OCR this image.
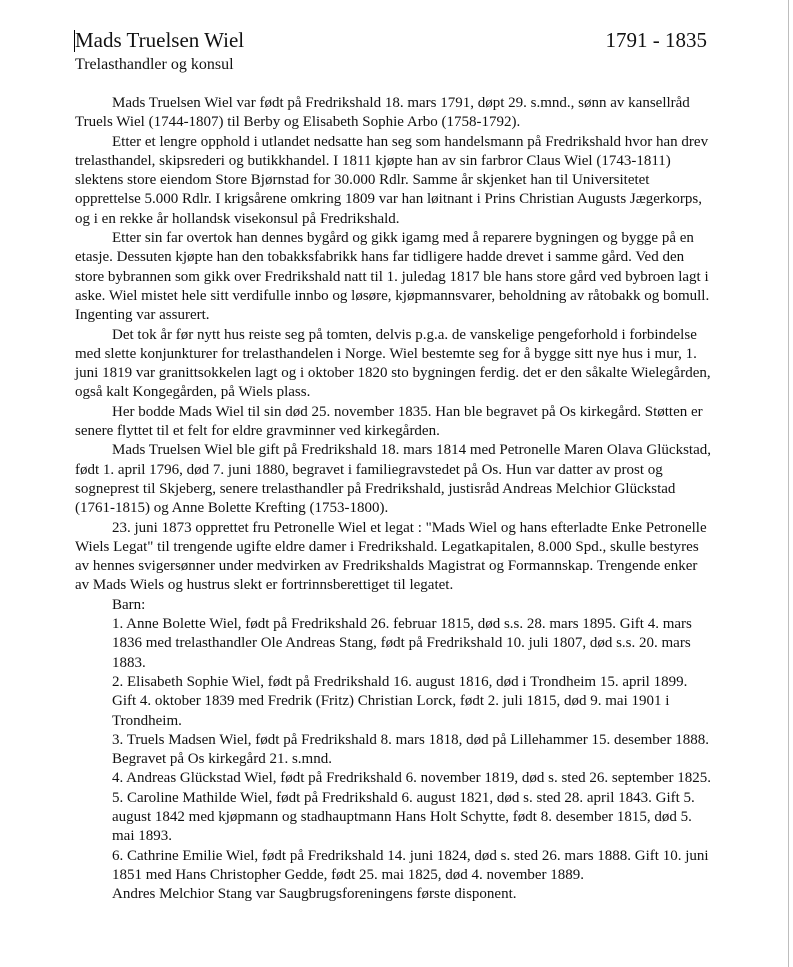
Mads Truelsen Wiel	1791 - 1835
Trelasthandler og konsul

Mads Truelsen Wiel var født på Fredrikshald 18. mars 1791, døpt 29. s.mnd., sønn av kansellråd Truels Wiel (1744-1807) til Berby og Elisabeth Sophie Arbo (1758-1792).

Etter et lengre opphold i utlandet nedsatte han seg som handelsmann på Fredrikshald hvor han drev trelasthandel, skipsrederi og butikkhandel. I 1811 kjøpte han av sin farbror Claus Wiel (1743-1811) slektens store eiendom Store Bjørnstad for 30.000 Rdlr. Samme år skjenket han til Universitetet opprettelse 5.000 Rdlr. I krigsårene omkring 1809 var han løitnant i Prins Christian Augusts Jægerkorps, og i en rekke år hollandsk visekonsul på Fredrikshald.

Etter sin far overtok han dennes bygård og gikk igamg med å reparere bygningen og bygge på en etasje. Dessuten kjøpte han den tobakksfabrikk hans far tidligere hadde drevet i samme gård. Ved den store bybrannen som gikk over Fredrikshald natt til 1. juledag 1817 ble hans store gård ved bybroen lagt i aske. Wiel mistet hele sitt verdifulle innbo og løsøre, kjøpmannsvarer, beholdning av råtobakk og bomull. Ingenting var assurert.

Det tok år før nytt hus reiste seg på tomten, delvis p.g.a. de vanskelige pengeforhold i forbindelse med slette konjunkturer for trelasthandelen i Norge. Wiel bestemte seg for å bygge sitt nye hus i mur, 1. juni 1819 var granittsokkelen lagt og i oktober 1820 sto bygningen ferdig. det er den såkalte Wielegården, også kalt Kongegården, på Wiels plass.

Her bodde Mads Wiel til sin død 25. november 1835. Han ble begravet på Os kirkegård. Støtten er senere flyttet til et felt for eldre gravminner ved kirkegården.

Mads Truelsen Wiel ble gift på Fredrikshald 18. mars 1814 med Petronelle Maren Olava Glückstad, født 1. april 1796, død 7. juni 1880, begravet i familiegravstedet på Os. Hun var datter av prost og sogneprest til Skjeberg, senere trelasthandler på Fredrikshald, justisråd Andreas Melchior Glückstad (1761-1815) og Anne Bolette Krefting (1753-1800).

23. juni 1873 opprettet fru Petronelle Wiel et legat : "Mads Wiel og hans efterladte Enke Petronelle Wiels Legat" til trengende ugifte eldre damer i Fredrikshald. Legatkapitalen, 8.000 Spd., skulle bestyres av hennes svigersønner under medvirken av Fredrikshalds Magistrat og Formannskap. Trengende enker av Mads Wiels og hustrus slekt er fortrinnsberettiget til legatet.

Barn:

1. Anne Bolette Wiel, født på Fredrikshald 26. februar 1815, død s.s. 28. mars 1895. Gift 4. mars 1836 med trelasthandler Ole Andreas Stang, født på Fredrikshald 10. juli 1807, død s.s. 20. mars 1883.

2. Elisabeth Sophie Wiel, født på Fredrikshald 16. august 1816, død i Trondheim 15. april 1899. Gift 4. oktober 1839 med Fredrik (Fritz) Christian Lorck, født 2. juli 1815, død 9. mai 1901 i Trondheim.

3. Truels Madsen Wiel, født på Fredrikshald 8. mars 1818, død på Lillehammer 15. desember 1888. Begravet på Os kirkegård 21. s.mnd.

4. Andreas Glückstad Wiel, født på Fredrikshald 6. november 1819, død s. sted 26. september 1825.

5. Caroline Mathilde Wiel, født på Fredrikshald 6. august 1821, død s. sted 28. april 1843. Gift 5. august 1842 med kjøpmann og stadhauptmann Hans Holt Schytte, født 8. desember 1815, død 5. mai 1893.

6. Cathrine Emilie Wiel, født på Fredrikshald 14. juni 1824, død s. sted 26. mars 1888. Gift 10. juni 1851 med Hans Christopher Gedde, født 25. mai 1825, død 4. november 1889.

Andres Melchior Stang var Saugbrugsforeningens første disponent.
